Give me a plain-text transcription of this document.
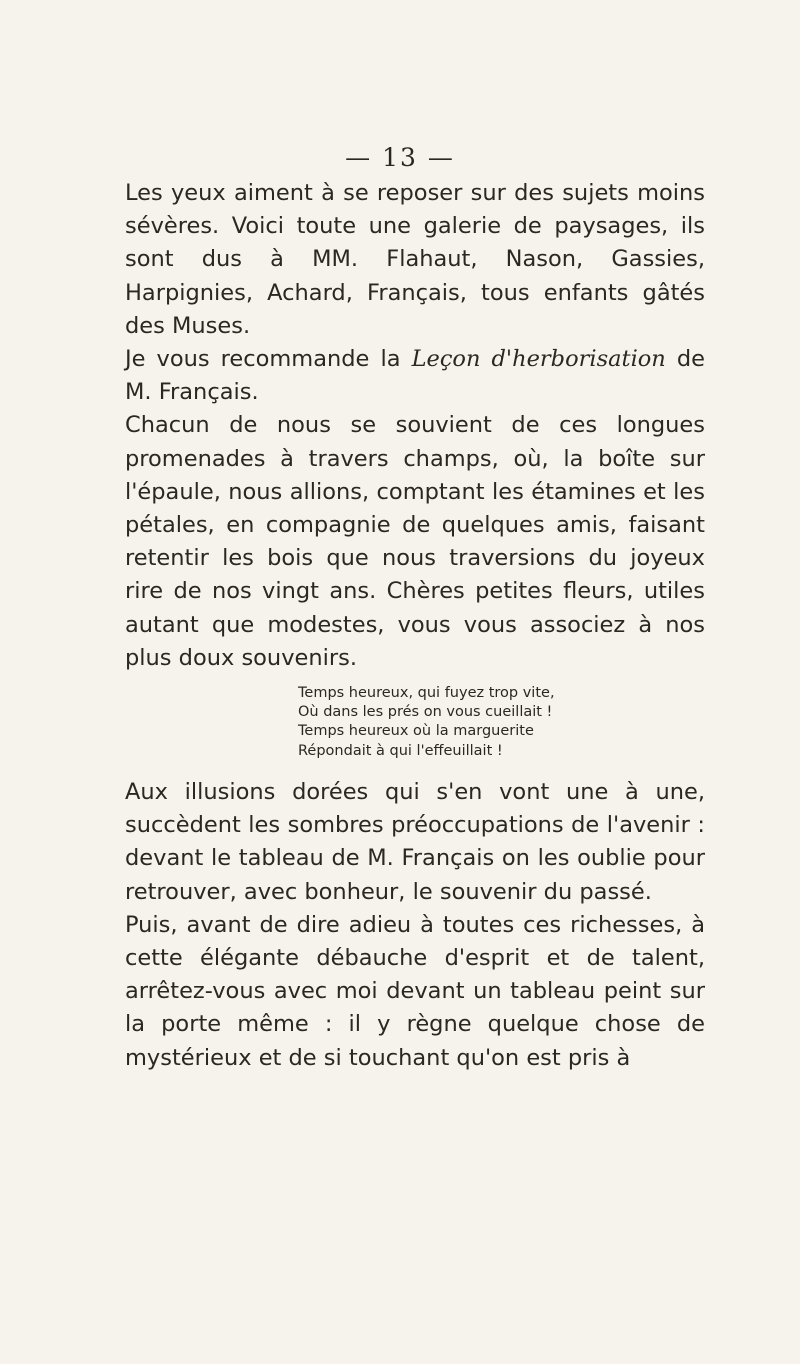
— 13 —

Les yeux aiment à se reposer sur des sujets moins sévères. Voici toute une galerie de paysages, ils sont dus à MM. Flahaut, Nason, Gassies, Harpignies, Achard, Français, tous enfants gâtés des Muses.

Je vous recommande la Leçon d'herborisation de M. Français.

Chacun de nous se souvient de ces longues promenades à travers champs, où, la boîte sur l'épaule, nous allions, comptant les étamines et les pétales, en compagnie de quelques amis, faisant retentir les bois que nous traversions du joyeux rire de nos vingt ans. Chères petites fleurs, utiles autant que modestes, vous vous associez à nos plus doux souvenirs.

Temps heureux, qui fuyez trop vite,
Où dans les prés on vous cueillait !
Temps heureux où la marguerite
Répondait à qui l'effeuillait !

Aux illusions dorées qui s'en vont une à une, succèdent les sombres préoccupations de l'avenir : devant le tableau de M. Français on les oublie pour retrouver, avec bonheur, le souvenir du passé.

Puis, avant de dire adieu à toutes ces richesses, à cette élégante débauche d'esprit et de talent, arrêtez-vous avec moi devant un tableau peint sur la porte même : il y règne quelque chose de mystérieux et de si touchant qu'on est pris à
